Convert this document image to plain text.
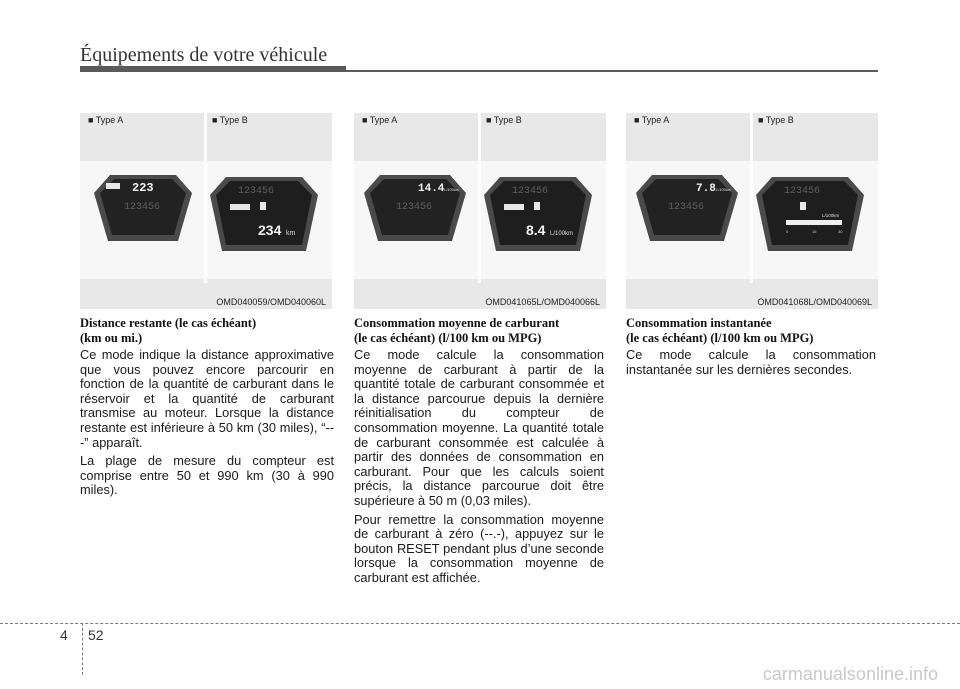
Équipements de votre véhicule
■ Type A	■ Type B
223
123456
123456
234 km
OMD040059/OMD040060L
■ Type A	■ Type B
14.4 L/100km
123456
123456
8.4 L/100km
OMD041065L/OMD040066L
■ Type A	■ Type B
7.8 L/100km
123456
123456
L/100km
0	15	30
OMD041068L/OMD040069L
Distance restante (le cas échéant)
(km ou mi.)

Ce mode indique la distance approximative que vous pouvez encore parcourir en fonction de la quantité de carburant dans le réservoir et la quantité de carburant transmise au moteur. Lorsque la distance restante est inférieure à 50 km (30 miles), “---” apparaît.

La plage de mesure du compteur est comprise entre 50 et 990 km (30 à 990 miles).

Consommation moyenne de carburant
(le cas échéant) (l/100 km ou MPG)

Ce mode calcule la consommation moyenne de carburant à partir de la quantité totale de carburant consommée et la distance parcourue depuis la dernière réinitialisation du compteur de consommation moyenne. La quantité totale de carburant consommée est calculée à partir des données de consommation en carburant. Pour que les calculs soient précis, la distance parcourue doit être supérieure à 50 m (0,03 miles).

Pour remettre la consommation moyenne de carburant à zéro (--.-), appuyez sur le bouton RESET pendant plus d’une seconde lorsque la consommation moyenne de carburant est affichée.

Consommation instantanée
(le cas échéant) (l/100 km ou MPG)

Ce mode calcule la consommation instantanée sur les dernières secondes.

4 52
carmanualsonline.info
